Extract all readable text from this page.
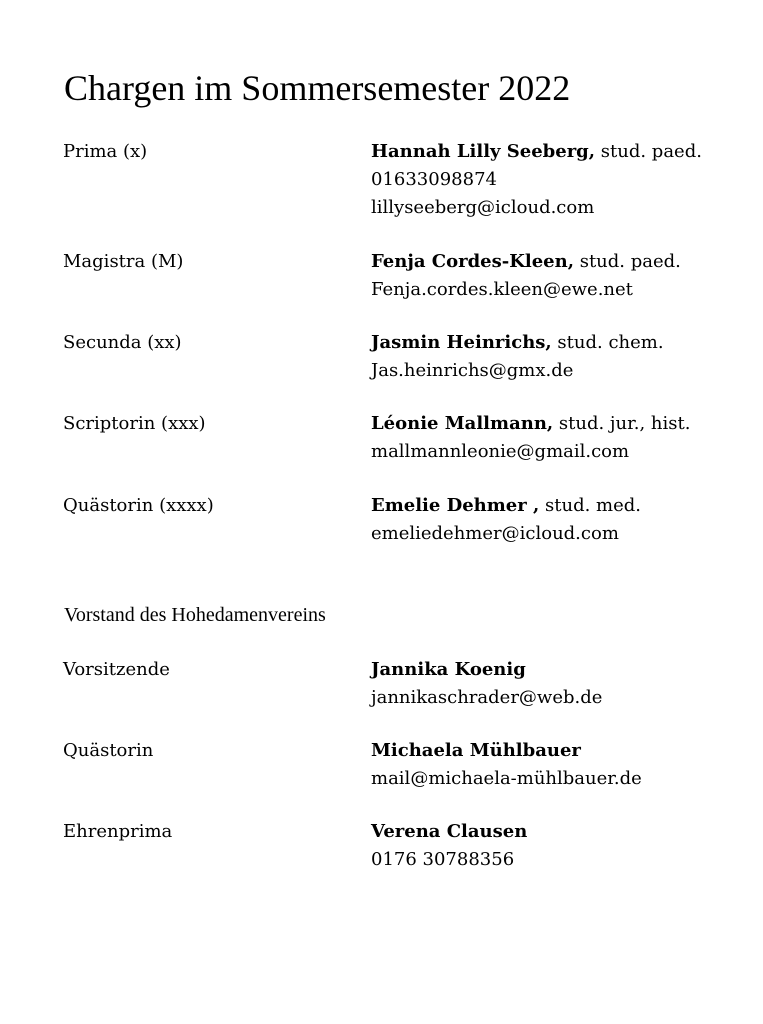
Chargen im Sommersemester 2022

Prima (x)	Hannah Lilly Seeberg, stud. paed.
01633098874
lillyseeberg@icloud.com

Magistra (M)	Fenja Cordes-Kleen, stud. paed.
Fenja.cordes.kleen@ewe.net

Secunda (xx)	Jasmin Heinrichs, stud. chem.
Jas.heinrichs@gmx.de

Scriptorin (xxx)	Léonie Mallmann, stud. jur., hist.
mallmannleonie@gmail.com

Quästorin (xxxx)	Emelie Dehmer , stud. med.
emeliedehmer@icloud.com
Vorstand des Hohedamenvereins

Vorsitzende	Jannika Koenig
jannikaschrader@web.de

Quästorin	Michaela Mühlbauer
mail@michaela-mühlbauer.de

Ehrenprima	Verena Clausen
0176 30788356
